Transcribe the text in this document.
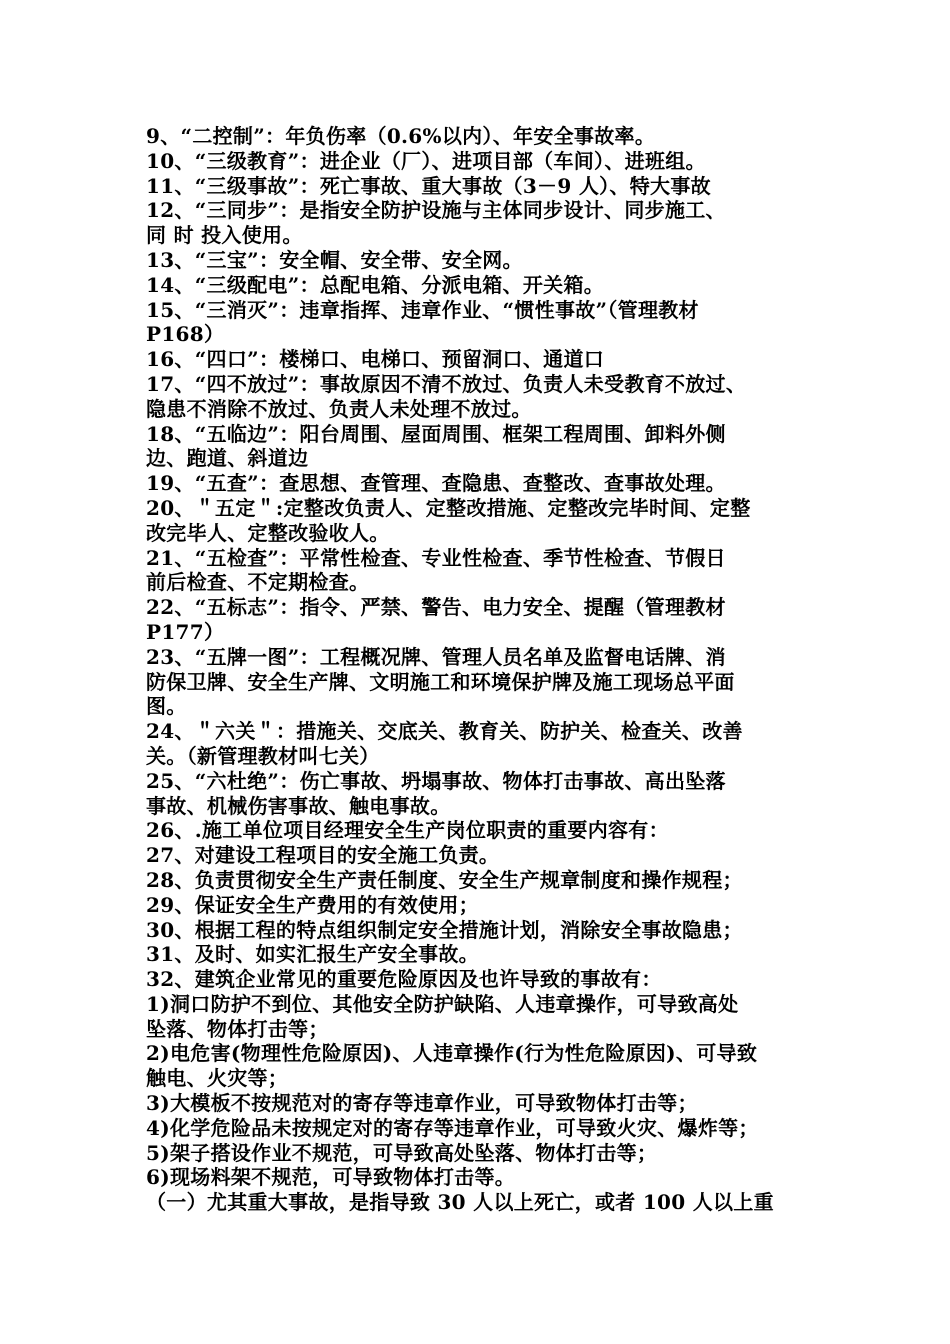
9、“二控制”：年负伤率（0.6%以内）、年安全事故率。
10、“三级教育”：进企业（厂）、进项目部（车间）、进班组。
11、“三级事故”：死亡事故、重大事故（3－9 人）、特大事故
12、“三同步”：是指安全防护设施与主体同步设计、同步施工、
同 时 投入使用。
13、“三宝”：安全帽、安全带、安全网。
14、“三级配电”：总配电箱、分派电箱、开关箱。
15、“三消灭”：违章指挥、违章作业、“惯性事故”（管理教材
P168）
16、“四口”：楼梯口、电梯口、预留洞口、通道口
17、“四不放过”：事故原因不清不放过、负责人未受教育不放过、
隐患不消除不放过、负责人未处理不放过。
18、“五临边”：阳台周围、屋面周围、框架工程周围、卸料外侧
边、跑道、斜道边
19、“五查”：查思想、查管理、查隐患、查整改、查事故处理。
20、＂五定＂:定整改负责人、定整改措施、定整改完毕时间、定整
改完毕人、定整改验收人。
21、“五检查”：平常性检查、专业性检查、季节性检查、节假日
前后检查、不定期检查。
22、“五标志”：指令、严禁、警告、电力安全、提醒（管理教材
P177）
23、“五牌一图”：工程概况牌、管理人员名单及监督电话牌、消
防保卫牌、安全生产牌、文明施工和环境保护牌及施工现场总平面
图。
24、＂六关＂：措施关、交底关、教育关、防护关、检查关、改善
关。（新管理教材叫七关）
25、“六杜绝”：伤亡事故、坍塌事故、物体打击事故、高出坠落
事故、机械伤害事故、触电事故。
26、.施工单位项目经理安全生产岗位职责的重要内容有：
27、对建设工程项目的安全施工负责。
28、负责贯彻安全生产责任制度、安全生产规章制度和操作规程；
29、保证安全生产费用的有效使用；
30、根据工程的特点组织制定安全措施计划，消除安全事故隐患；
31、及时、如实汇报生产安全事故。
32、建筑企业常见的重要危险原因及也许导致的事故有：
1)洞口防护不到位、其他安全防护缺陷、人违章操作，可导致高处
坠落、物体打击等；
2)电危害(物理性危险原因)、人违章操作(行为性危险原因)、可导致
触电、火灾等；
3)大模板不按规范对的寄存等违章作业，可导致物体打击等；
4)化学危险品未按规定对的寄存等违章作业，可导致火灾、爆炸等；
5)架子搭设作业不规范，可导致高处坠落、物体打击等；
6)现场料架不规范，可导致物体打击等。
（一）尤其重大事故，是指导致 30 人以上死亡，或者 100 人以上重
